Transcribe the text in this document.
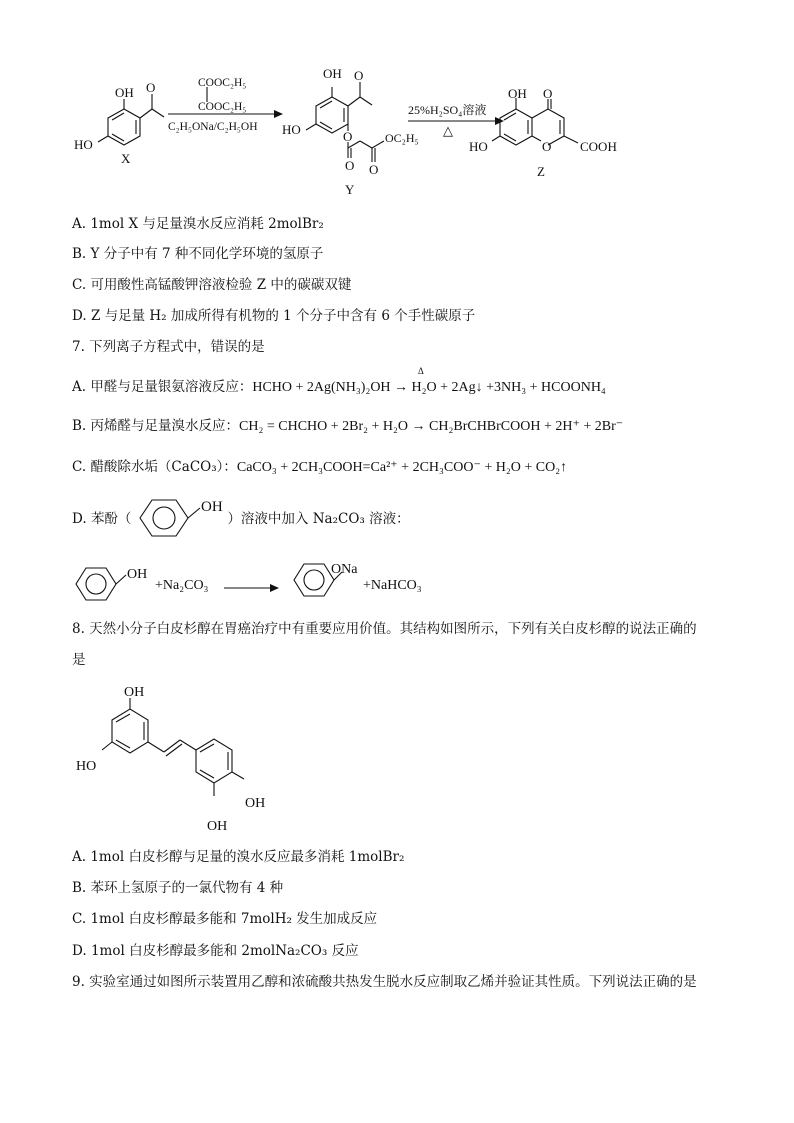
OH O
HO
X
COOC₂H₅
COOC₂H₅
C₂H₅ONa/C₂H₅OH
OH O
HO	O
O O
OC₂H₅
Y
25%H₂SO₄溶液
△
OH O
HO	O COOH
Z
A. 1mol X 与足量溴水反应消耗 2molBr₂
B. Y 分子中有 7 种不同化学环境的氢原子
C. 可用酸性高锰酸钾溶液检验 Z 中的碳碳双键
D. Z 与足量 H₂ 加成所得有机物的 1 个分子中含有 6 个手性碳原子
7. 下列离子方程式中，错误的是
A. 甲醛与足量银氨溶液反应：HCHO + 2Ag(NH₃)₂OH → H₂O + 2Ag↓ +3NH₃ + HCOONH₄
Δ
B. 丙烯醛与足量溴水反应：CH₂ = CHCHO + 2Br₂ + H₂O → CH₂BrCHBrCOOH + 2H⁺ + 2Br⁻
C. 醋酸除水垢（CaCO₃）：CaCO₃ + 2CH₃COOH=Ca²⁺ + 2CH₃COO⁻ + H₂O + CO₂↑
D. 苯酚（	）溶液中加入 Na₂CO₃ 溶液：
OH
OH
+Na₂CO₃
ONa
+NaHCO₃
8. 天然小分子白皮杉醇在胃癌治疗中有重要应用价值。其结构如图所示，下列有关白皮杉醇的说法正确的
是
OH
HO
OH
OH
A. 1mol 白皮杉醇与足量的溴水反应最多消耗 1molBr₂
B. 苯环上氢原子的一氯代物有 4 种
C. 1mol 白皮杉醇最多能和 7molH₂ 发生加成反应
D. 1mol 白皮杉醇最多能和 2molNa₂CO₃ 反应
9. 实验室通过如图所示装置用乙醇和浓硫酸共热发生脱水反应制取乙烯并验证其性质。下列说法正确的是
